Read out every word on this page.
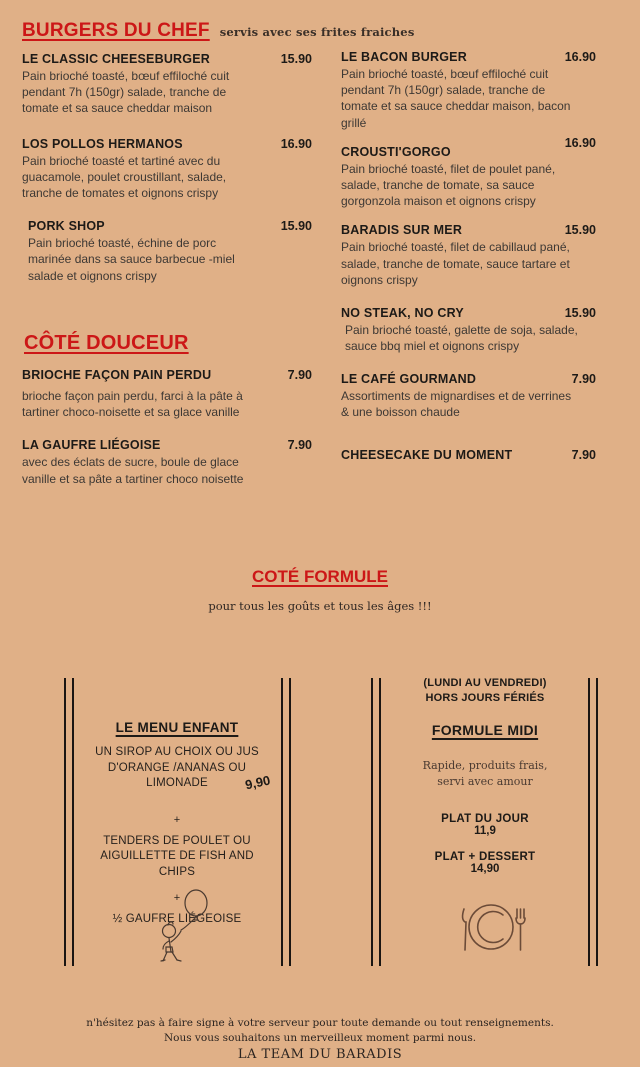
BURGERS DU CHEF servis avec ses frites fraiches
LE CLASSIC CHEESEBURGER	15.90
Pain brioché toasté, bœuf effiloché cuit pendant 7h (150gr) salade, tranche de tomate et sa sauce cheddar maison
LOS POLLOS HERMANOS	16.90
Pain brioché toasté et tartiné avec du guacamole, poulet croustillant, salade, tranche de tomates et oignons crispy
PORK SHOP	15.90
Pain brioché toasté, échine de porc marinée dans sa sauce barbecue -miel salade et oignons crispy
LE BACON BURGER	16.90
Pain brioché toasté, bœuf effiloché cuit pendant 7h (150gr) salade, tranche de tomate et sa sauce cheddar maison, bacon grillé
CROUSTI'GORGO
16.90
Pain brioché toasté, filet de poulet pané, salade, tranche de tomate, sa sauce gorgonzola maison et oignons crispy
BARADIS SUR MER	15.90
Pain brioché toasté, filet de cabillaud pané, salade, tranche de tomate, sauce tartare et oignons crispy
NO STEAK, NO CRY	15.90
Pain brioché toasté, galette de soja, salade, sauce bbq miel et oignons crispy
CÔTÉ DOUCEUR
BRIOCHE FAÇON PAIN PERDU	7.90
brioche façon pain perdu, farci à la pâte à tartiner choco-noisette et sa glace vanille
LA GAUFRE LIÉGOISE	7.90
avec des éclats de sucre, boule de glace vanille et sa pâte a tartiner choco noisette
LE CAFÉ GOURMAND	7.90
Assortiments de mignardises et de verrines & une boisson chaude
CHEESECAKE DU MOMENT	7.90
COTÉ FORMULE
pour tous les goûts et tous les âges !!!
LE MENU ENFANT
UN SIROP AU CHOIX OU JUS D'ORANGE /ANANAS OU LIMONADE
+
TENDERS DE POULET OU AIGUILLETTE DE FISH AND CHIPS
+
½ GAUFRE LIÉGEOISE
9,90
(LUNDI AU VENDREDI)
HORS JOURS FÉRIÉS
FORMULE MIDI
Rapide, produits frais,
servi avec amour
PLAT DU JOUR
11,9
PLAT + DESSERT
14,90
n'hésitez pas à faire signe à votre serveur pour toute demande ou tout renseignements.
Nous vous souhaitons un merveilleux moment parmi nous.
LA TEAM DU BARADIS
